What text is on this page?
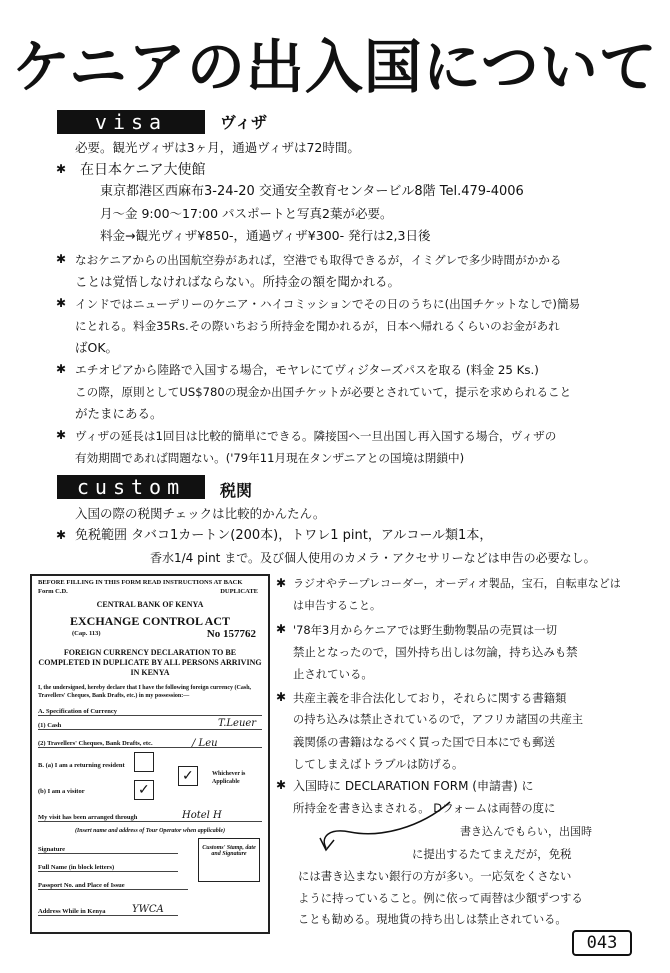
ケニアの出入国について
visa	ヴィザ
必要。観光ヴィザは3ヶ月，通過ヴィザは72時間。
✱ 在日本ケニア大使館
東京都港区西麻布3-24-20 交通安全教育センタービル8階 Tel.479-4006
月～金 9:00～17:00 パスポートと写真2葉が必要。
料金→観光ヴィザ¥850-，通過ヴィザ¥300- 発行は2,3日後
✱ なおケニアからの出国航空券があれば，空港でも取得できるが，イミグレで多少時間がかかる
ことは覚悟しなければならない。所持金の額を聞かれる。
✱ インドではニューデリーのケニア・ハイコミッションでその日のうちに(出国チケットなしで)簡易
にとれる。料金35Rs.その際いちおう所持金を聞かれるが，日本へ帰れるくらいのお金があれ
ばOK。
✱ エチオピアから陸路で入国する場合，モヤレにてヴィジターズパスを取る (料金 25 Ks.)
この際，原則としてUS$780の現金か出国チケットが必要とされていて，提示を求められること
がたまにある。
✱ ヴィザの延長は1回目は比較的簡単にできる。隣接国へ一旦出国し再入国する場合，ヴィザの
有効期間であれば問題ない。('79年11月現在タンザニアとの国境は閉鎖中)
custom	税関
入国の際の税関チェックは比較的かんたん。
✱ 免税範囲 タバコ1カートン(200本)，トワレ1 pint，アルコール類1本，
香水1/4 pint まで。及び個人使用のカメラ・アクセサリーなどは申告の必要なし。
✱ ラジオやテープレコーダー，オーディオ製品，宝石，自転車などは
は申告すること。
✱ '78年3月からケニアでは野生動物製品の売買は一切
禁止となったので，国外持ち出しは勿論，持ち込みも禁
止されている。
✱ 共産主義を非合法化しており，それらに関する書籍類
の持ち込みは禁止されているので，アフリカ諸国の共産主
義関係の書籍はなるべく買った国で日本にでも郵送
してしまえばトラブルは防げる。
✱ 入国時に DECLARATION FORM (申請書) に
所持金を書き込まされる。 Dフォームは両替の度に
書き込んでもらい，出国時
に提出するたてまえだが，免税
には書き込まない銀行の方が多い。一応気をくさない
ように持っていること。例に依って両替は少額ずつする
ことも勧める。現地貨の持ち出しは禁止されている。
BEFORE FILLING IN THIS FORM READ INSTRUCTIONS AT BACK
Form C.D.	DUPLICATE
CENTRAL BANK OF KENYA
EXCHANGE CONTROL ACT
(Cap. 113)	No 157762
FOREIGN CURRENCY DECLARATION TO BE COMPLETED IN DUPLICATE BY ALL PERSONS ARRIVING IN KENYA
I, the undersigned, hereby declare that I have the following foreign currency (Cash, Travellers' Cheques, Bank Drafts, etc.) in my possession:—
A. Specification of Currency
(1) Cash	T.Leuer
(2) Travellers' Cheques, Bank Drafts, etc.	/ Leu
B. (a) I am a returning resident
✓
✓
(b) I am a visitor
Whichever is Applicable
My visit has been arranged through	Hotel H
(Insert name and address of Tour Operator when applicable)
Signature
Full Name (in block letters)
Passport No. and Place of Issue
Address While in Kenya	YWCA
Customs' Stamp, date and Signature
043
